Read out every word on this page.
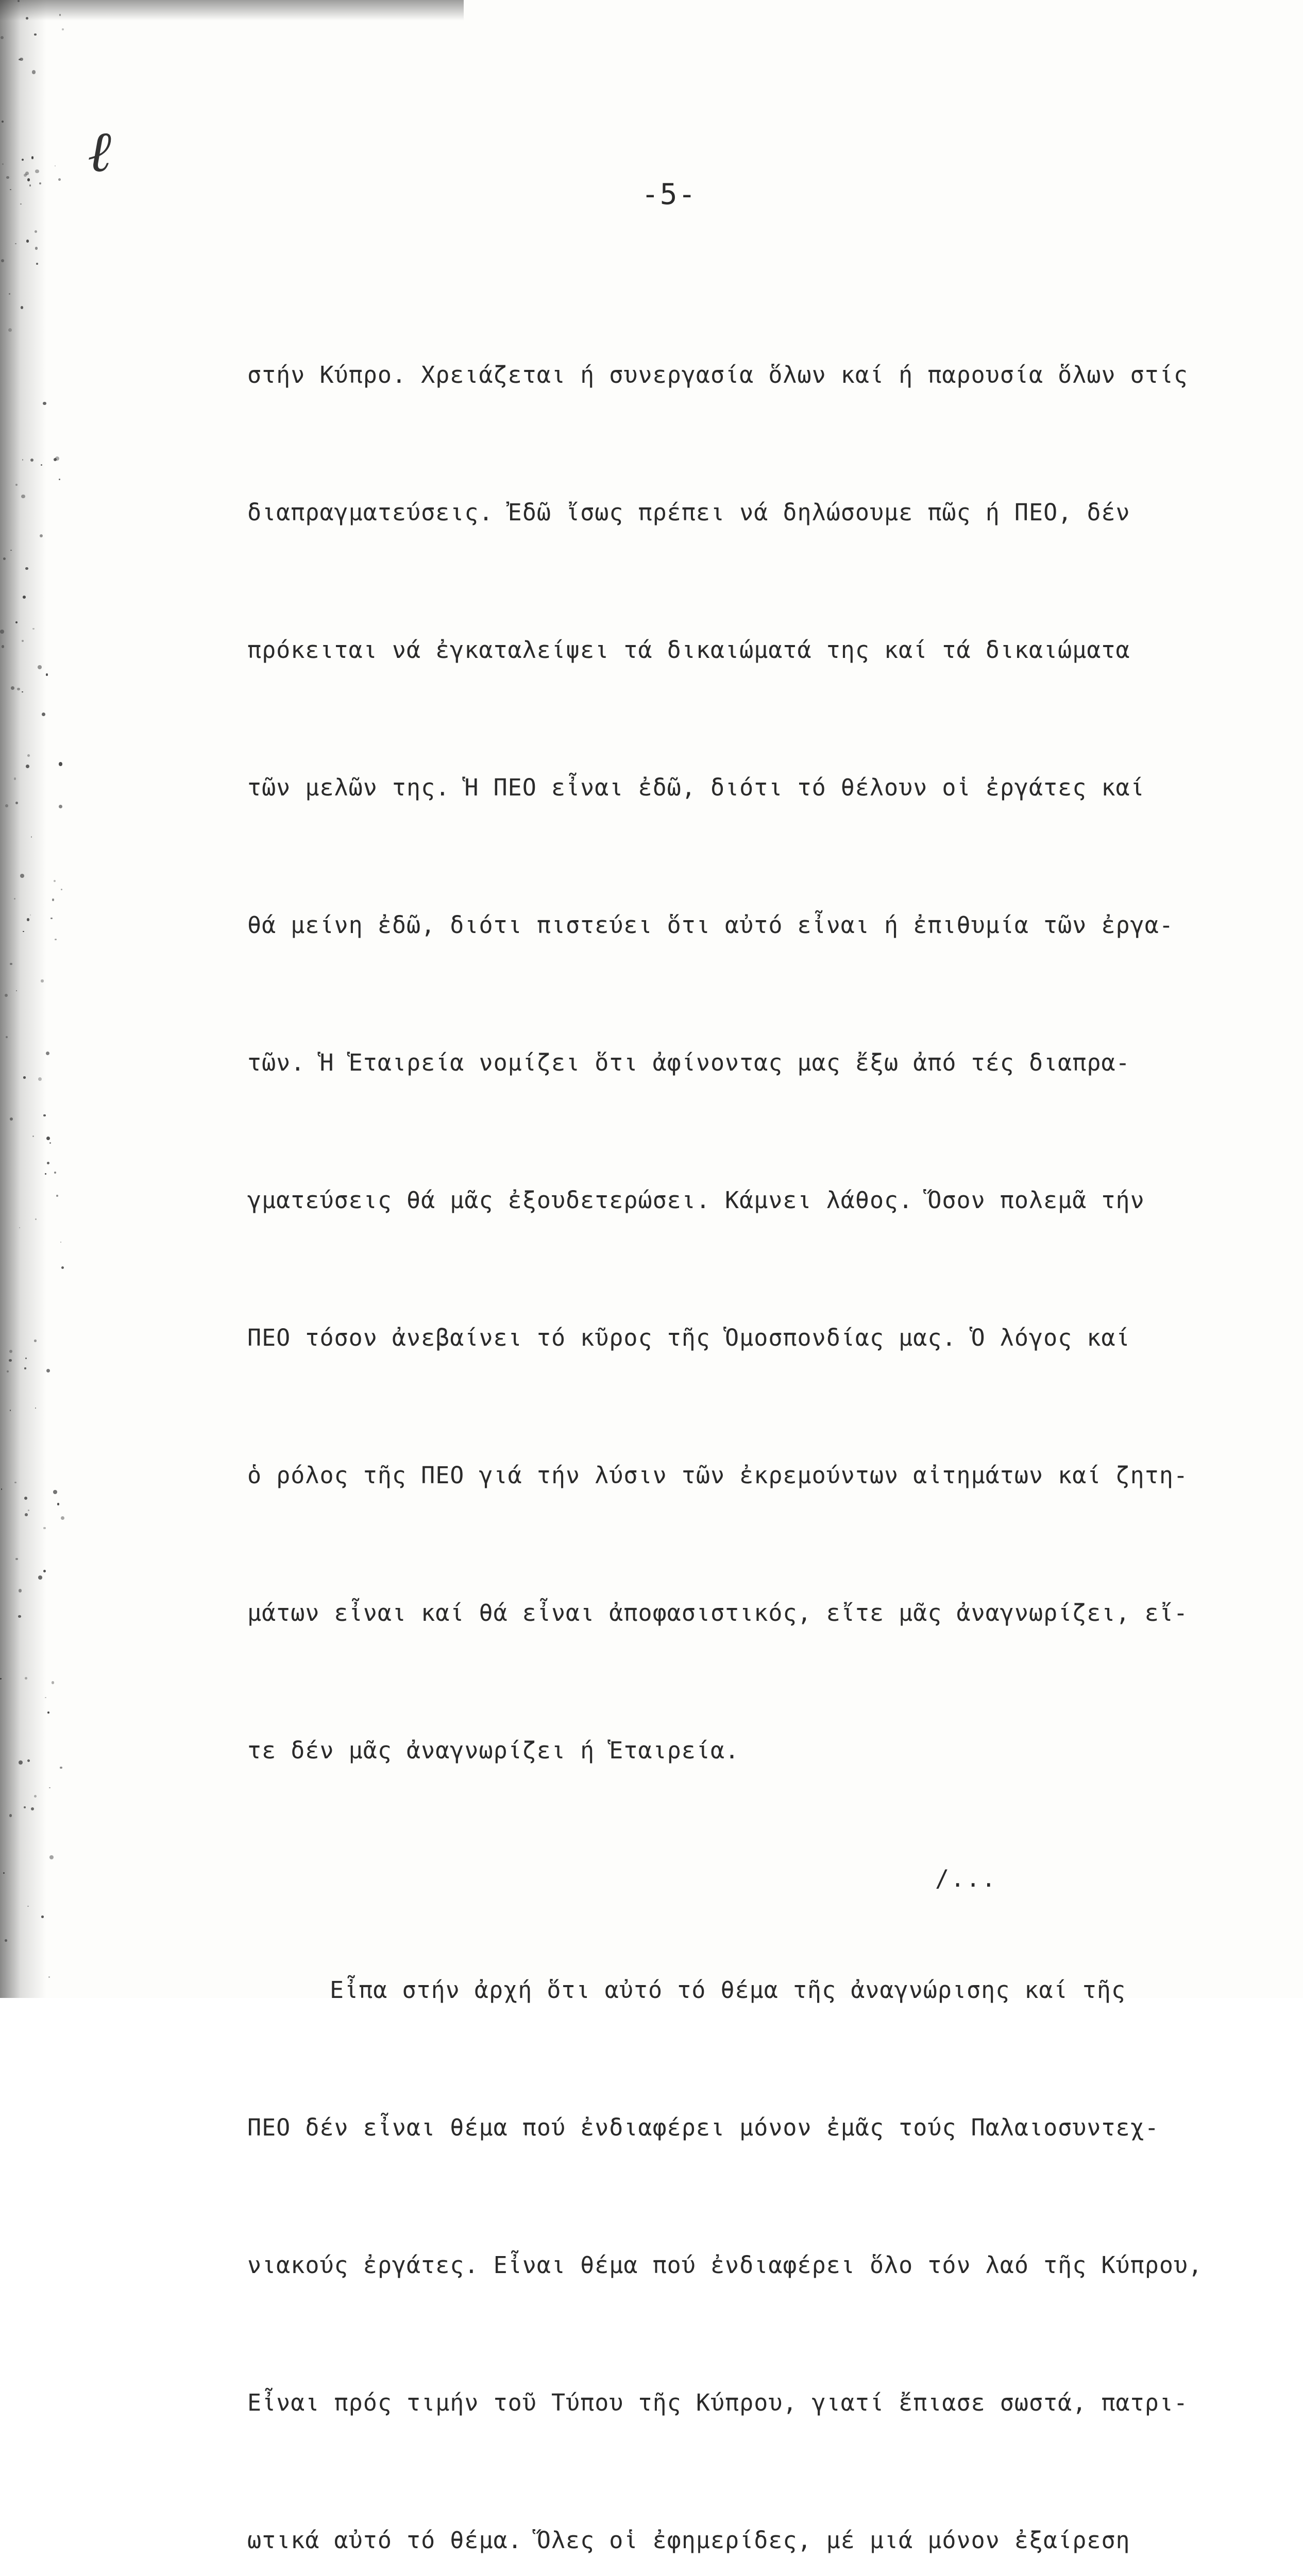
ℓ
-5-

στήν Κύπρο. Χρειάζεται ή συνεργασία ὅλων καί ή παρουσία ὅλων στίς

διαπραγματεύσεις. Ἐδῶ ἴσως πρέπει νά δηλώσουμε πῶς ή ΠΕΟ, δέν

πρόκειται νά ἐγκαταλείψει τά δικαιώματά της καί τά δικαιώματα

τῶν μελῶν της. Ἡ ΠΕΟ εἶναι ἐδῶ, διότι τό θέλουν οἱ ἐργάτες καί

θά μείνη ἐδῶ, διότι πιστεύει ὅτι αὐτό εἶναι ή ἐπιθυμία τῶν ἐργα-

τῶν. Ἡ Ἑταιρεία νομίζει ὅτι ἀφίνοντας μας ἔξω ἀπό τές διαπρα-

γματεύσεις θά μᾶς ἐξουδετερώσει. Κάμνει λάθος. Ὅσον πολεμᾶ τήν

ΠΕΟ τόσον ἀνεβαίνει τό κῦρος τῆς Ὁμοσπονδίας μας. Ὁ λόγος καί

ὁ ρόλος τῆς ΠΕΟ γιά τήν λύσιν τῶν ἐκρεμούντων αἰτημάτων καί ζητη-

μάτων εἶναι καί θά εἶναι ἀποφασιστικός, εἴτε μᾶς ἀναγνωρίζει, εἴ-

τε δέν μᾶς ἀναγνωρίζει ή Ἑταιρεία.

Εἶπα στήν ἀρχή ὅτι αὐτό τό θέμα τῆς ἀναγνώρισης καί τῆς

ΠΕΟ δέν εἶναι θέμα πού ἐνδιαφέρει μόνον ἐμᾶς τούς Παλαιοσυντεχ-

νιακούς ἐργάτες. Εἶναι θέμα πού ἐνδιαφέρει ὅλο τόν λαό τῆς Κύπρου,

Εἶναι πρός τιμήν τοῦ Τύπου τῆς Κύπρου, γιατί ἔπιασε σωστά, πατρι-

ωτικά αὐτό τό θέμα. Ὅλες οἱ ἐφημερίδες, μέ μιά μόνον ἐξαίρεση

/...
